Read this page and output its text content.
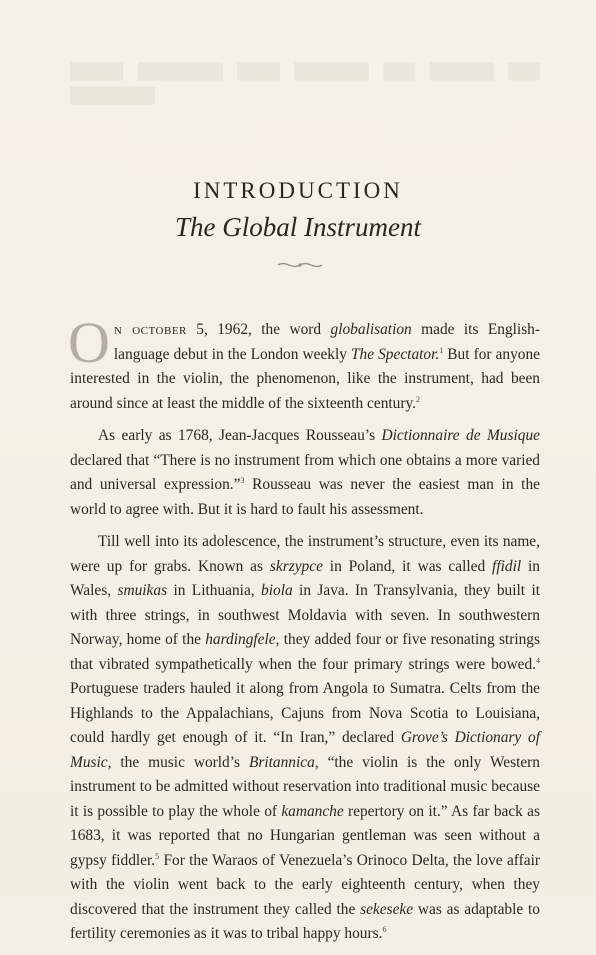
█████ ████████ ████ ███████ ███ ██████ ███ ████████
INTRODUCTION
The Global Instrument

On october 5, 1962, the word globalisation made its English-language debut in the London weekly The Spectator.$^1$ But for anyone interested in the violin, the phenomenon, like the instrument, had been around since at least the middle of the sixteenth century.$^2$

As early as 1768, Jean-Jacques Rousseau’s Dictionnaire de Musique declared that “There is no instrument from which one obtains a more varied and universal expression.”$^3$ Rousseau was never the easiest man in the world to agree with. But it is hard to fault his assessment.

Till well into its adolescence, the instrument’s structure, even its name, were up for grabs. Known as skrzypce in Poland, it was called ffidil in Wales, smuikas in Lithuania, biola in Java. In Transylvania, they built it with three strings, in southwest Moldavia with seven. In southwestern Norway, home of the hardingfele, they added four or five resonating strings that vibrated sympathetically when the four primary strings were bowed.$^4$ Portuguese traders hauled it along from Angola to Sumatra. Celts from the Highlands to the Appalachians, Cajuns from Nova Scotia to Louisiana, could hardly get enough of it. “In Iran,” declared Grove’s Dictionary of Music, the music world’s Britannica, “the violin is the only Western instrument to be admitted without reservation into traditional music because it is possible to play the whole of kamanche repertory on it.” As far back as 1683, it was reported that no Hungarian gentleman was seen without a gypsy fiddler.$^5$ For the Waraos of Venezuela’s Orinoco Delta, the love affair with the violin went back to the early eighteenth century, when they discovered that the instrument they called the sekeseke was as adaptable to fertility ceremonies as it was to tribal happy hours.$^6$
